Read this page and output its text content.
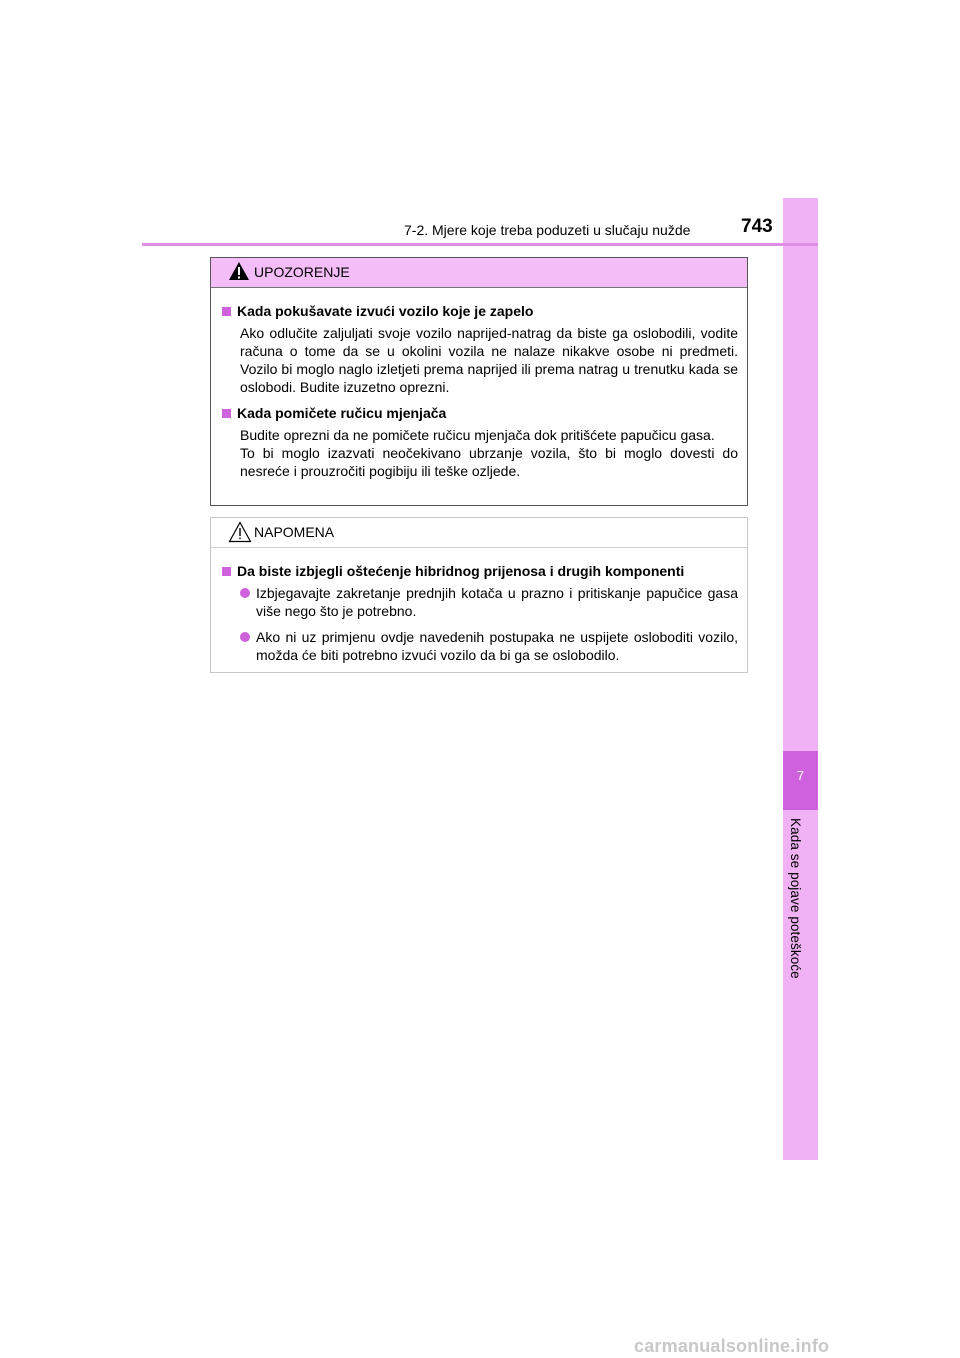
7
Kada se pojave poteškoće
7-2. Mjere koje treba poduzeti u slučaju nužde	743
UPOZORENJE
Kada pokušavate izvući vozilo koje je zapelo

Ako odlučite zaljuljati svoje vozilo naprijed-natrag da biste ga oslobodili, vodite računa o tome da se u okolini vozila ne nalaze nikakve osobe ni predmeti. Vozilo bi moglo naglo izletjeti prema naprijed ili prema natrag u trenutku kada se oslobodi. Budite izuzetno oprezni.

Kada pomičete ručicu mjenjača

Budite oprezni da ne pomičete ručicu mjenjača dok pritišćete papučicu gasa.

To bi moglo izazvati neočekivano ubrzanje vozila, što bi moglo dovesti do nesreće i prouzročiti pogibiju ili teške ozljede.

NAPOMENA
Da biste izbjegli oštećenje hibridnog prijenosa i drugih komponenti
Izbjegavajte zakretanje prednjih kotača u prazno i pritiskanje papučice gasa više nego što je potrebno.
Ako ni uz primjenu ovdje navedenih postupaka ne uspijete osloboditi vozilo, možda će biti potrebno izvući vozilo da bi ga se oslobodilo.
carmanualsonline.info
